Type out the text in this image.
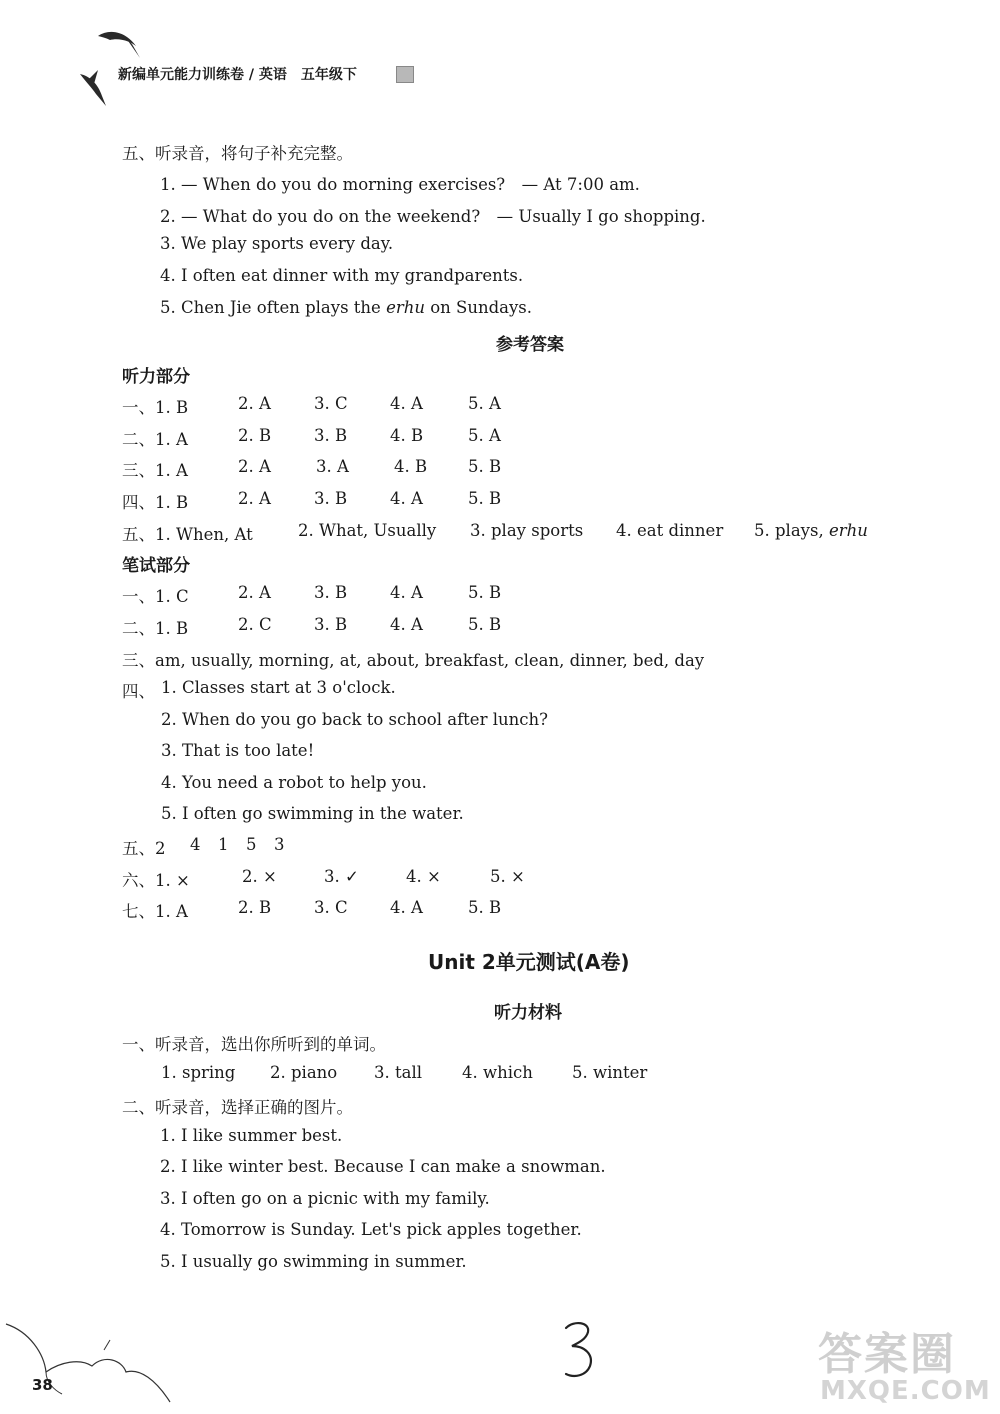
新编单元能力训练卷 / 英语　五年级下
五、听录音，将句子补充完整。
1. — When do you do morning exercises?　— At 7:00 am.
2. — What do you do on the weekend?　— Usually I go shopping.
3. We play sports every day.
4. I often eat dinner with my grandparents.
5. Chen Jie often plays the erhu on Sundays.
参考答案
听力部分
一、1. B	2. A	3. C	4. A	5. A
二、1. A	2. B	3. B	4. B	5. A
三、1. A	2. A	3. A	4. B 5. B
四、1. B	2. A	3. B	4. A	5. B
五、1. When, At	2. What, Usually 3. play sports 4. eat dinner 5. plays, erhu
笔试部分
一、1. C	2. A	3. B	4. A	5. B
二、1. B	2. C	3. B	4. A	5. B
三、am, usually, morning, at, about, breakfast, clean, dinner, bed, day
四、 1. Classes start at 3 o'clock.
2. When do you go back to school after lunch?
3. That is too late!
4. You need a robot to help you.
5. I often go swimming in the water.
五、2 4 1 5 3
六、1. ×	2. ×	3. ✓	4. ×	5. ×
七、1. A	2. B	3. C	4. A	5. B
Unit 2单元测试(A卷)
听力材料
一、听录音，选出你所听到的单词。
1. spring 2. piano 3. tall 4. which 5. winter
二、听录音，选择正确的图片。
1. I like summer best.
2. I like winter best. Because I can make a snowman.
3. I often go on a picnic with my family.
4. Tomorrow is Sunday. Let's pick apples together.
5. I usually go swimming in summer.
38
答案圈
MXQE.COM
